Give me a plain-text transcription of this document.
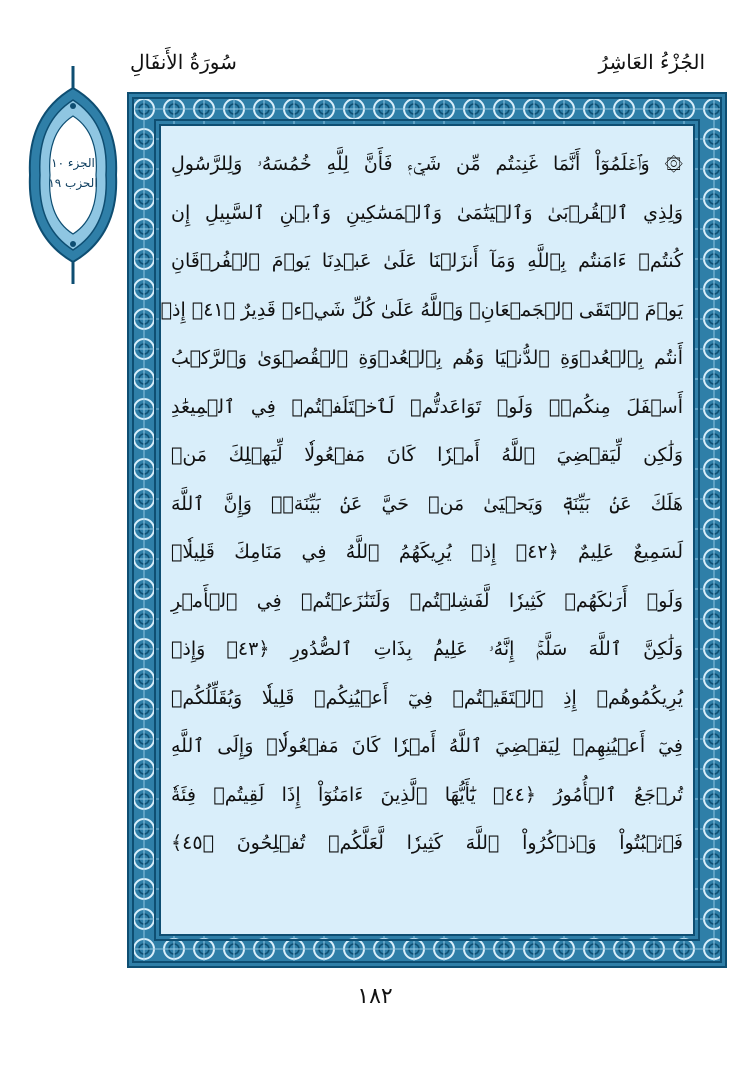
الجُزْءُ العَاشِرُ
سُورَةُ الأَنفَالِ
الجزء ١٠
الحزب ١٩
۞ وَٱعۡلَمُوٓاْ أَنَّمَا غَنِمۡتُم مِّن شَيۡءٖ فَأَنَّ لِلَّهِ خُمُسَهُۥ وَلِلرَّسُولِ
وَلِذِي ٱلۡقُرۡبَىٰ وَٱلۡيَتَٰمَىٰ وَٱلۡمَسَٰكِينِ وَٱبۡنِ ٱلسَّبِيلِ إِن
كُنتُمۡ ءَامَنتُم بِٱللَّهِ وَمَآ أَنزَلۡنَا عَلَىٰ عَبۡدِنَا يَوۡمَ ٱلۡفُرۡقَانِ
يَوۡمَ ٱلۡتَقَى ٱلۡجَمۡعَانِۗ وَٱللَّهُ عَلَىٰ كُلِّ شَيۡءٖ قَدِيرٌ ﴿٤١﴾ إِذۡ
أَنتُم بِٱلۡعُدۡوَةِ ٱلدُّنۡيَا وَهُم بِٱلۡعُدۡوَةِ ٱلۡقُصۡوَىٰ وَٱلرَّكۡبُ
أَسۡفَلَ مِنكُمۡۚ وَلَوۡ تَوَاعَدتُّمۡ لَٱخۡتَلَفۡتُمۡ فِي ٱلۡمِيعَٰدِ
وَلَٰكِن لِّيَقۡضِيَ ٱللَّهُ أَمۡرٗا كَانَ مَفۡعُولٗا لِّيَهۡلِكَ مَنۡ
هَلَكَ عَنۢ بَيِّنَةٖ وَيَحۡيَىٰ مَنۡ حَيَّ عَنۢ بَيِّنَةٖۗ وَإِنَّ ٱللَّهَ
لَسَمِيعٌ عَلِيمٌ ﴿٤٢﴾ إِذۡ يُرِيكَهُمُ ٱللَّهُ فِي مَنَامِكَ قَلِيلٗاۖ
وَلَوۡ أَرَىٰكَهُمۡ كَثِيرٗا لَّفَشِلۡتُمۡ وَلَتَنَٰزَعۡتُمۡ فِي ٱلۡأَمۡرِ
وَلَٰكِنَّ ٱللَّهَ سَلَّمَۚ إِنَّهُۥ عَلِيمُۢ بِذَاتِ ٱلصُّدُورِ ﴿٤٣﴾ وَإِذۡ
يُرِيكُمُوهُمۡ إِذِ ٱلۡتَقَيۡتُمۡ فِيٓ أَعۡيُنِكُمۡ قَلِيلٗا وَيُقَلِّلُكُمۡ
فِيٓ أَعۡيُنِهِمۡ لِيَقۡضِيَ ٱللَّهُ أَمۡرٗا كَانَ مَفۡعُولٗاۗ وَإِلَى ٱللَّهِ
تُرۡجَعُ ٱلۡأُمُورُ ﴿٤٤﴾ يَٰٓأَيُّهَا ٱلَّذِينَ ءَامَنُوٓاْ إِذَا لَقِيتُمۡ فِئَةٗ
فَٱثۡبُتُواْ وَٱذۡكُرُواْ ٱللَّهَ كَثِيرٗا لَّعَلَّكُمۡ تُفۡلِحُونَ ﴿٤٥﴾
١٨٢
